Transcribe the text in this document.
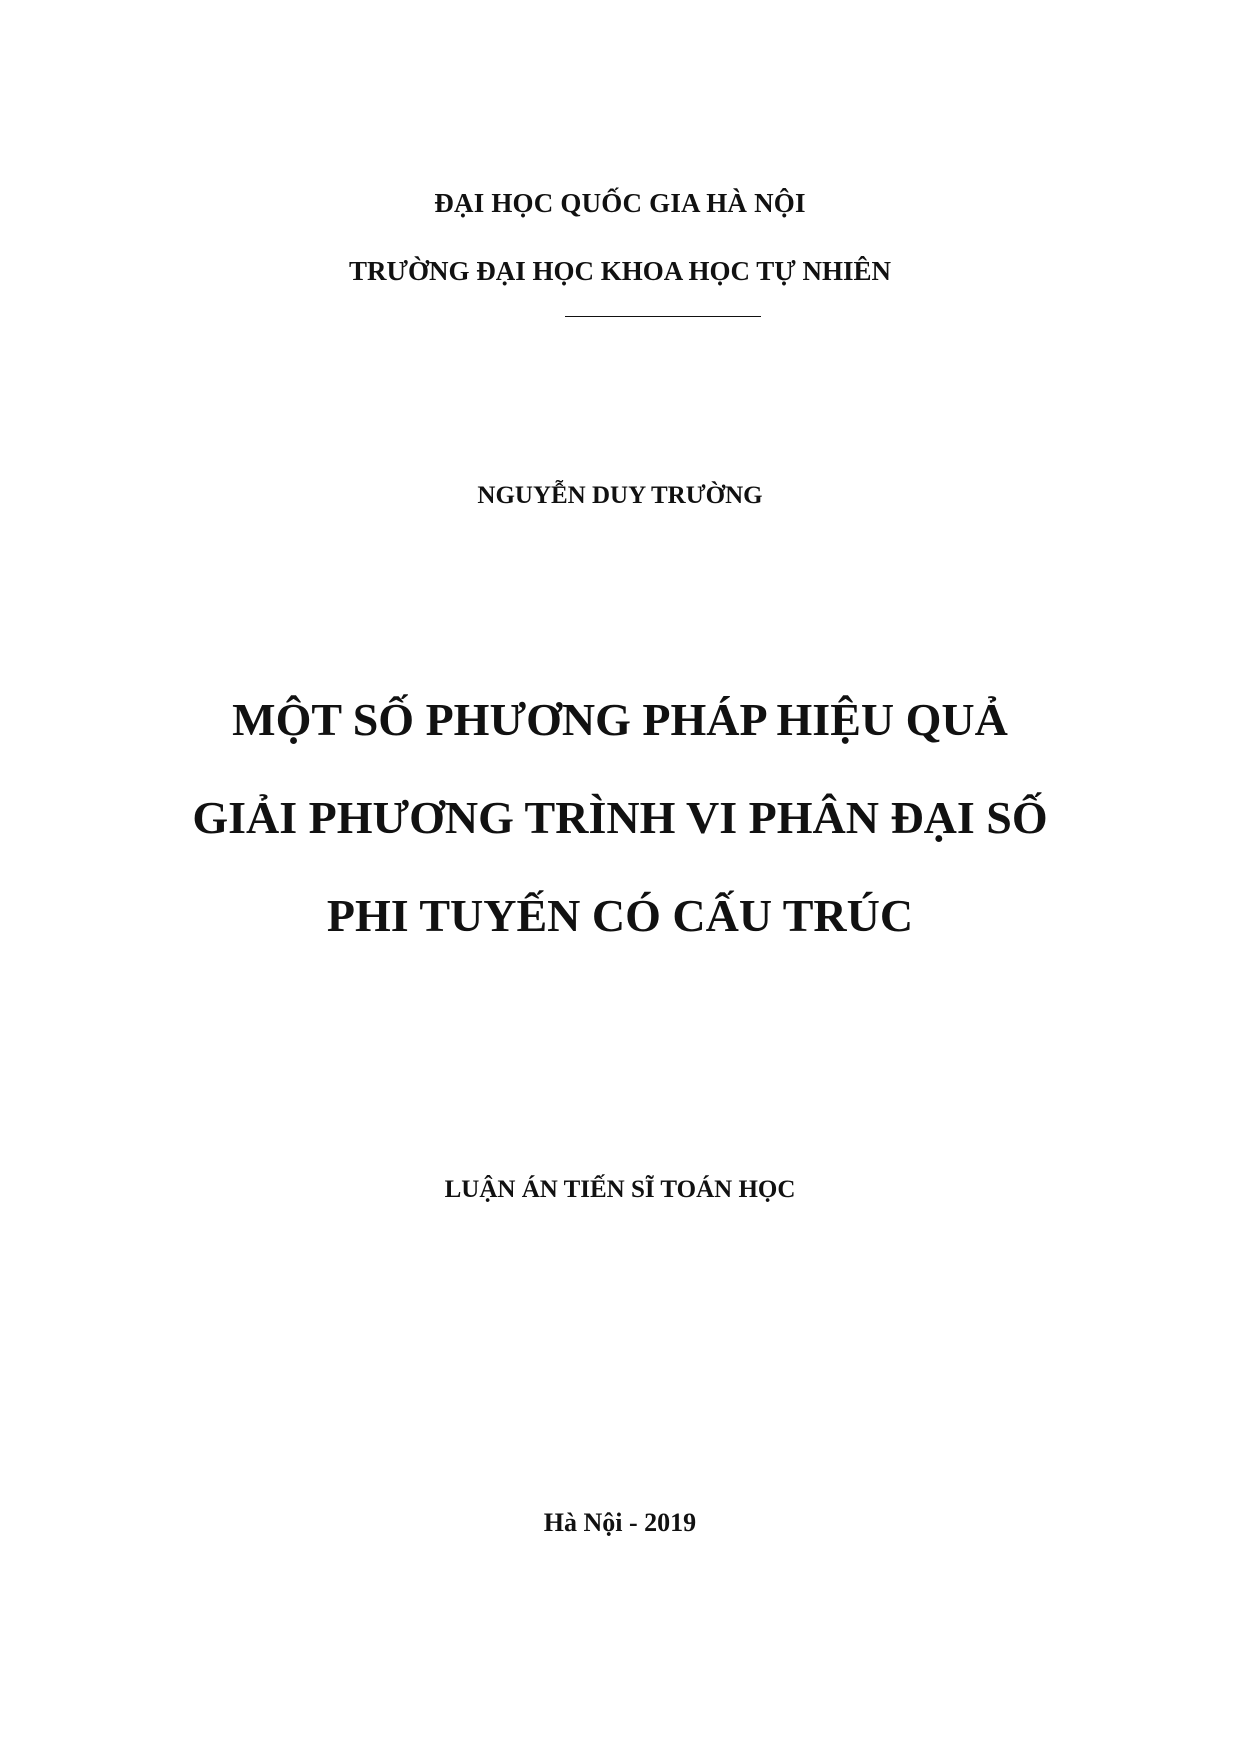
ĐẠI HỌC QUỐC GIA HÀ NỘI
TRƯỜNG ĐẠI HỌC KHOA HỌC TỰ NHIÊN
NGUYỄN DUY TRƯỜNG
MỘT SỐ PHƯƠNG PHÁP HIỆU QUẢ
GIẢI PHƯƠNG TRÌNH VI PHÂN ĐẠI SỐ
PHI TUYẾN CÓ CẤU TRÚC
LUẬN ÁN TIẾN SĨ TOÁN HỌC
Hà Nội - 2019
